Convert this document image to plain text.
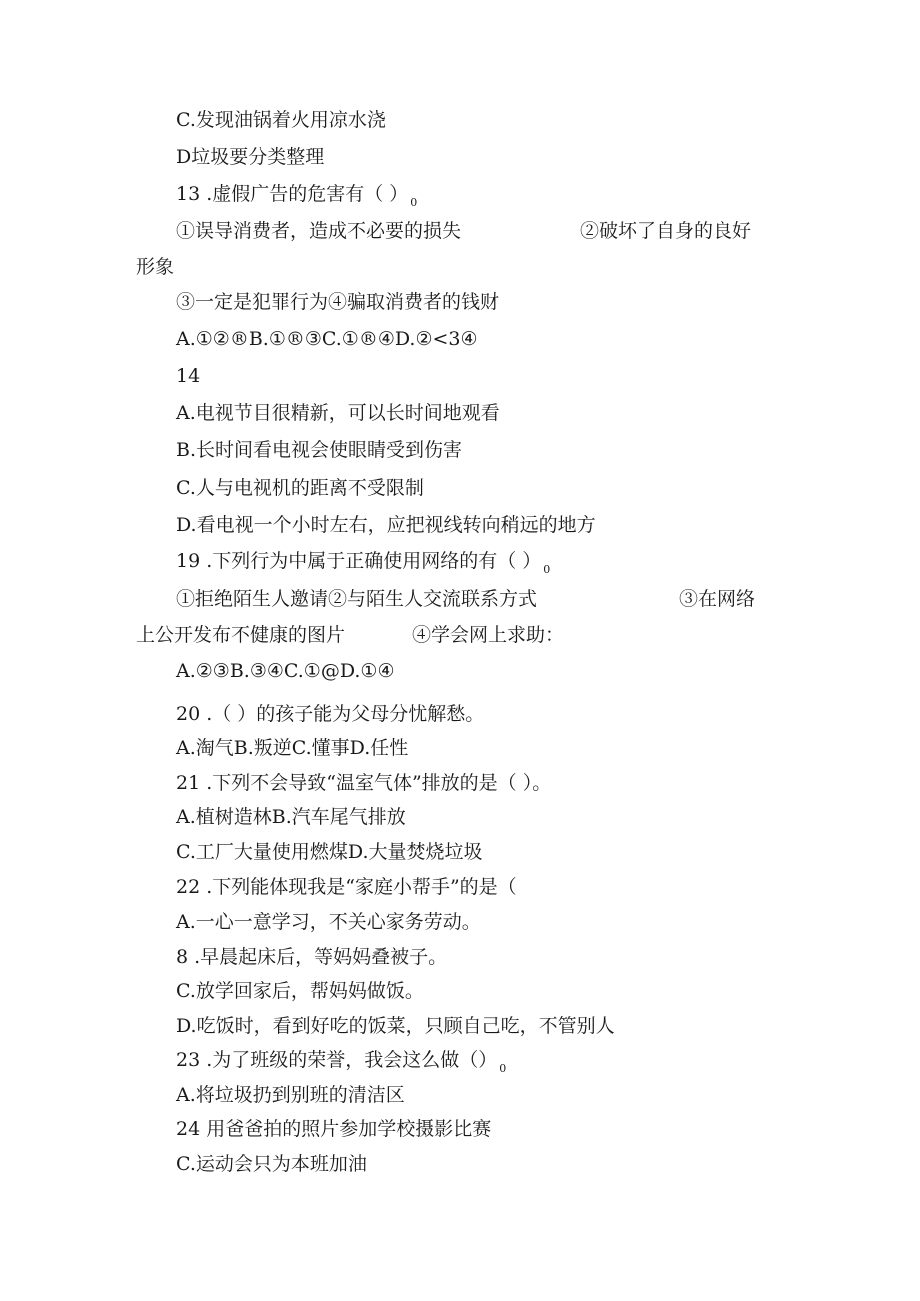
C.发现油锅着火用凉水浇
D垃圾要分类整理
13 .虚假广告的危害有（ ） $_0$
①误导消费者，造成不必要的损失	②破坏了自身的良好
形象
③一定是犯罪行为④骗取消费者的钱财
A.①②®B.①®③C.①®④D.②<3④
14
A.电视节目很精新，可以长时间地观看
B.长时间看电视会使眼睛受到伤害
C.人与电视机的距离不受限制
D.看电视一个小时左右，应把视线转向稍远的地方
19 .下列行为中属于正确使用网络的有（ ） $_0$
①拒绝陌生人邀请②与陌生人交流联系方式	③在网络
上公开发布不健康的图片	④学会网上求助：
A.②③B.③④C.①@D.①④
20 .（ ）的孩子能为父母分忧解愁。
A.淘气B.叛逆C.懂事D.任性
21 .下列不会导致“温室气体”排放的是（ ）。
A.植树造林B.汽车尾气排放
C.工厂大量使用燃煤D.大量焚烧垃圾
22 .下列能体现我是“家庭小帮手”的是（
A.一心一意学习，不关心家务劳动。
8 .早晨起床后，等妈妈叠被子。
C.放学回家后，帮妈妈做饭。
D.吃饭时，看到好吃的饭菜，只顾自己吃，不管别人
23 .为了班级的荣誉，我会这么做（） $_0$
A.将垃圾扔到别班的清洁区
24 用爸爸拍的照片参加学校摄影比赛
C.运动会只为本班加油
